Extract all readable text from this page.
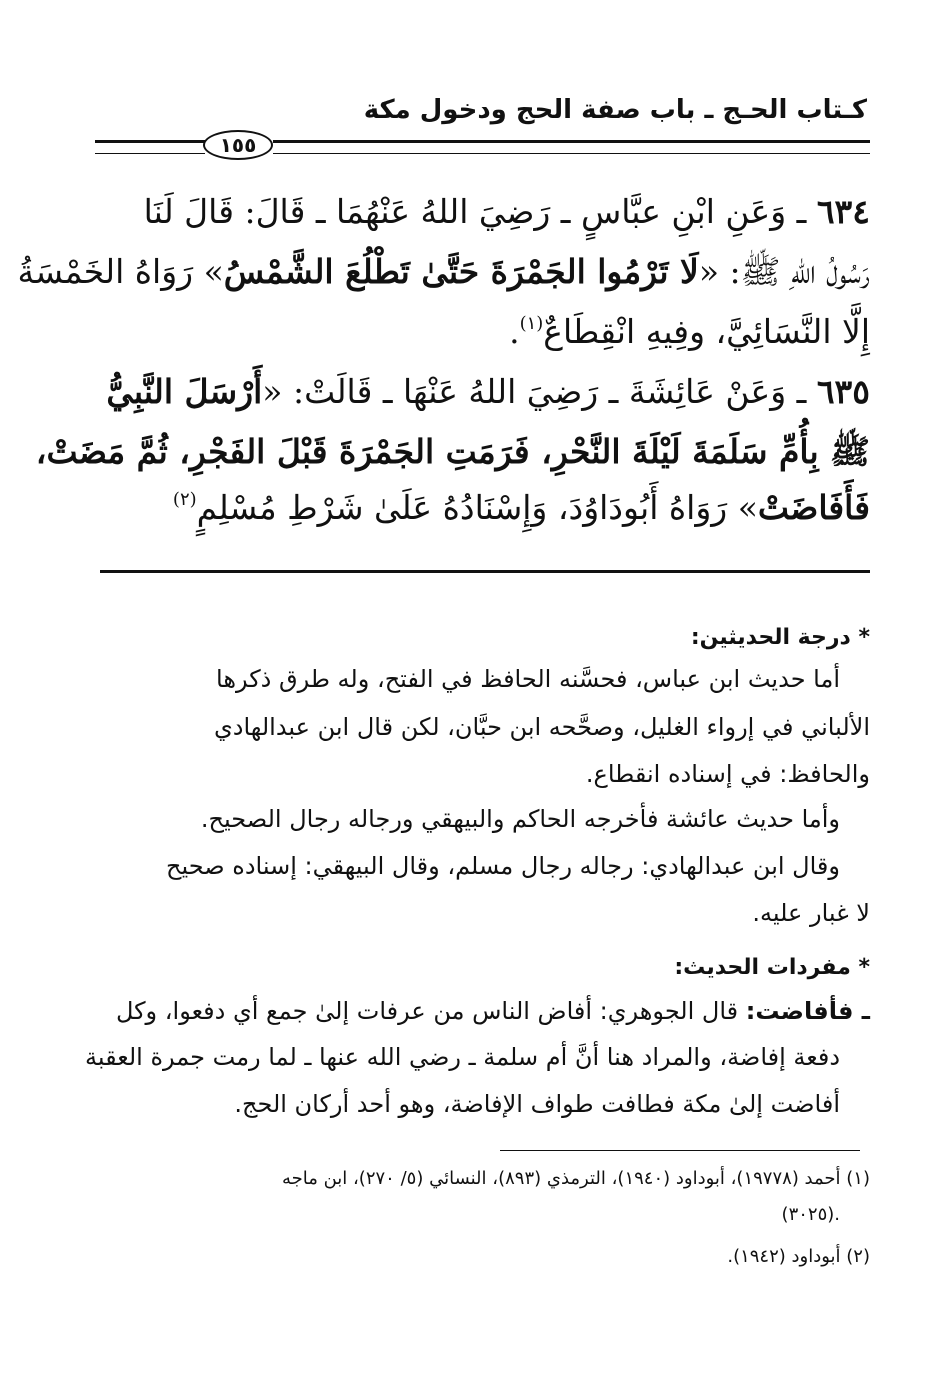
كـتاب الحـج ـ باب صفة الحج ودخول مكة
١٥٥
٦٣٤ ـ وَعَنِ ابْنِ عبَّاسٍ ـ رَضِيَ اللهُ عَنْهُمَا ـ قَالَ: قَالَ لَنَا
رَسُولُ اللهِ ﷺ: «لَا تَرْمُوا الجَمْرَةَ حَتَّىٰ تَطْلُعَ الشَّمْسُ» رَوَاهُ الخَمْسَةُ
إِلَّا النَّسَائِيَّ، وفِيهِ انْقِطَاعٌ$^{(١)}$.
٦٣٥ ـ وَعَنْ عَائِشَةَ ـ رَضِيَ اللهُ عَنْهَا ـ قَالَتْ: «أَرْسَلَ النَّبِيُّ
ﷺ بِأُمِّ سَلَمَةَ لَيْلَةَ النَّحْرِ، فَرَمَتِ الجَمْرَةَ قَبْلَ الفَجْرِ، ثُمَّ مَضَتْ،
فَأَفَاضَتْ» رَوَاهُ أَبُودَاوُدَ، وَإِسْنَادُهُ عَلَىٰ شَرْطِ مُسْلِمٍ$^{(٢)}$
* درجة الحديثين:
أما حديث ابن عباس، فحسَّنه الحافظ في الفتح، وله طرق ذكرها
الألباني في إرواء الغليل، وصحَّحه ابن حبَّان، لكن قال ابن عبدالهادي
والحافظ: في إسناده انقطاع.
وأما حديث عائشة فأخرجه الحاكم والبيهقي ورجاله رجال الصحيح.
وقال ابن عبدالهادي: رجاله رجال مسلم، وقال البيهقي: إسناده صحيح
لا غبار عليه.
* مفردات الحديث:
ـ فأفاضت: قال الجوهري: أفاض الناس من عرفات إلىٰ جمع أي دفعوا، وكل
دفعة إفاضة، والمراد هنا أنَّ أم سلمة ـ رضي الله عنها ـ لما رمت جمرة العقبة
أفاضت إلىٰ مكة فطافت طواف الإفاضة، وهو أحد أركان الحج.
(١) أحمد (١٩٧٧٨)، أبوداود (١٩٤٠)، الترمذي (٨٩٣)، النسائي (٥/ ٢٧٠)، ابن ماجه
(٣٠٢٥).
(٢) أبوداود (١٩٤٢).
